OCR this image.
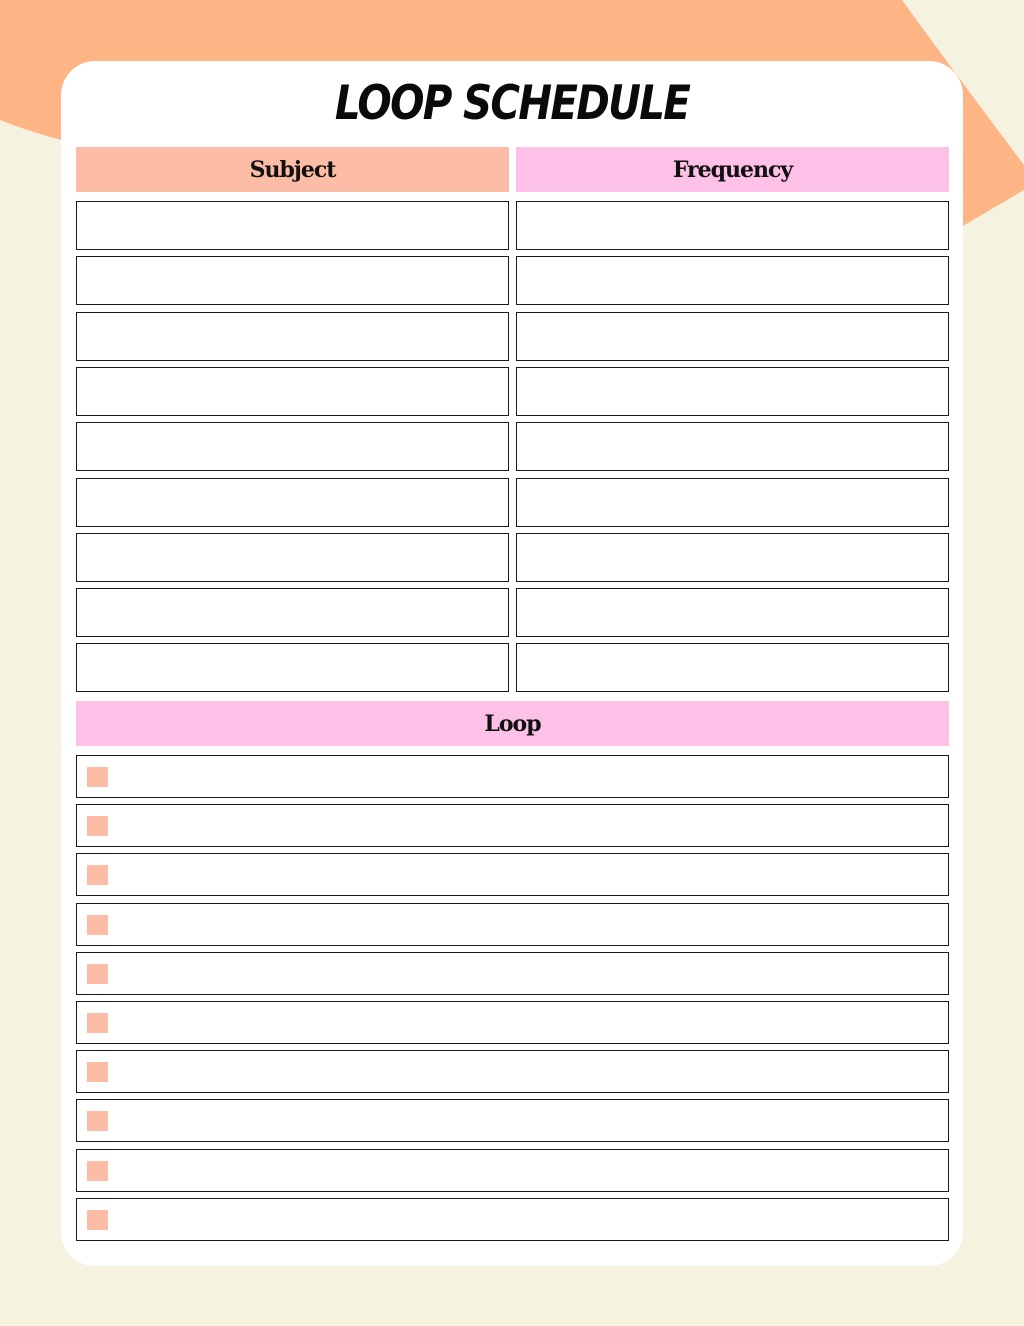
LOOP SCHEDULE
Subject	Frequency
Loop
